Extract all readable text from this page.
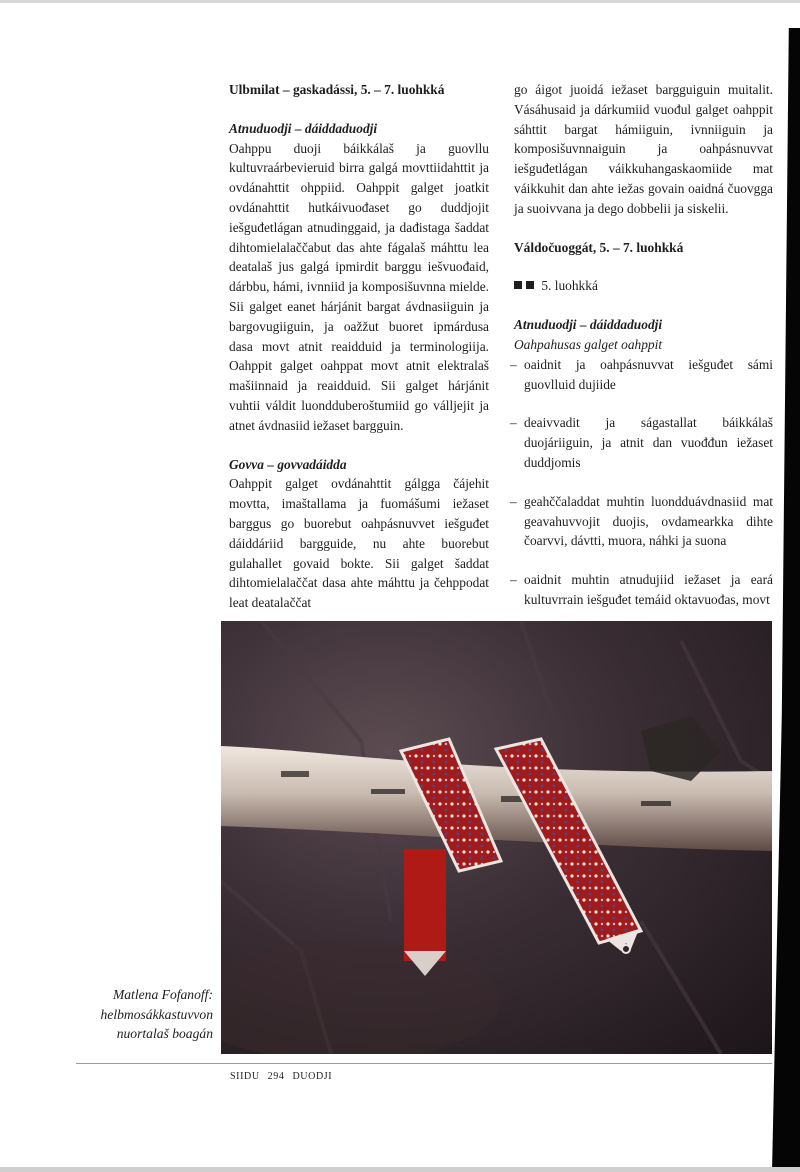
Ulbmilat – gaskadássi, 5. – 7. luohkká
Atnuduodji – dáiddaduodji

Oahppu duoji báikkálaš ja guovllu kultuvraárbevieruid birra galgá movttiidahttit ja ovdánahttit ohppiid. Oahppit galget joatkit ovdánahttit hutkáivuođaset go duddjojit iešguđetlágan atnudinggaid, ja dađistaga šaddat dihtomielalaččabut das ahte fágalaš máhttu lea deatalaš jus galgá ipmirdit barggu iešvuođaid, dárbbu, hámi, ivnniid ja komposišuvnna mielde. Sii galget eanet hárjánit bargat ávdnasiiguin ja bargovugiiguin, ja oažžut buoret ipmárdusa dasa movt atnit reaidduid ja terminologiija. Oahppit galget oahppat movt atnit elektralaš mašiinnaid ja reaidduid. Sii galget hárjánit vuhtii váldit luondduberoštumiid go válljejit ja atnet ávdnasiid iežaset bargguin.

Govva – govvadáidda

Oahppit galget ovdánahttit gálgga čájehit movtta, imaštallama ja fuomášumi iežaset barggus go buorebut oahpásnuvvet iešguđet dáiddáriid bargguide, nu ahte buorebut gulahallet govaid bokte. Sii galget šaddat dihtomielalaččat dasa ahte máhttu ja čehppodat leat deatalaččat

go áigot juoidá iežaset bargguiguin muitalit. Vásáhusaid ja dárkumiid vuođul galget oahppit sáhttit bargat hámiiguin, ivnniiguin ja komposišuvnnaiguin ja oahpásnuvvat iešguđetlágan váikkuhangaskaomiide mat váikkuhit dan ahte iežas govain oaidná čuovgga ja suoivvana ja dego dobbelii ja siskelii.

Váldočuoggát, 5. – 7. luohkká
5. luohkká
Atnuduodji – dáiddaduodji
Oahpahusas galget oahppit
– oaidnit ja oahpásnuvvat iešguđet sámi guovlluid dujiide
– deaivvadit ja ságastallat báikkálaš duojáriiguin, ja atnit dan vuođđun iežaset duddjomis
– geahččaladdat muhtin luondduávdnasiid mat geavahuvvojit duojis, ovdamearkka dihte čoarvvi, dávtti, muora, náhki ja suona
– oaidnit muhtin atnudujiid iežaset ja eará kultuvrrain iešguđet temáid oktavuođas, movt
Matlena Fofanoff:
helbmosákkastuvvon
nuortalaš boagán
SIIDU 294 DUODJI
